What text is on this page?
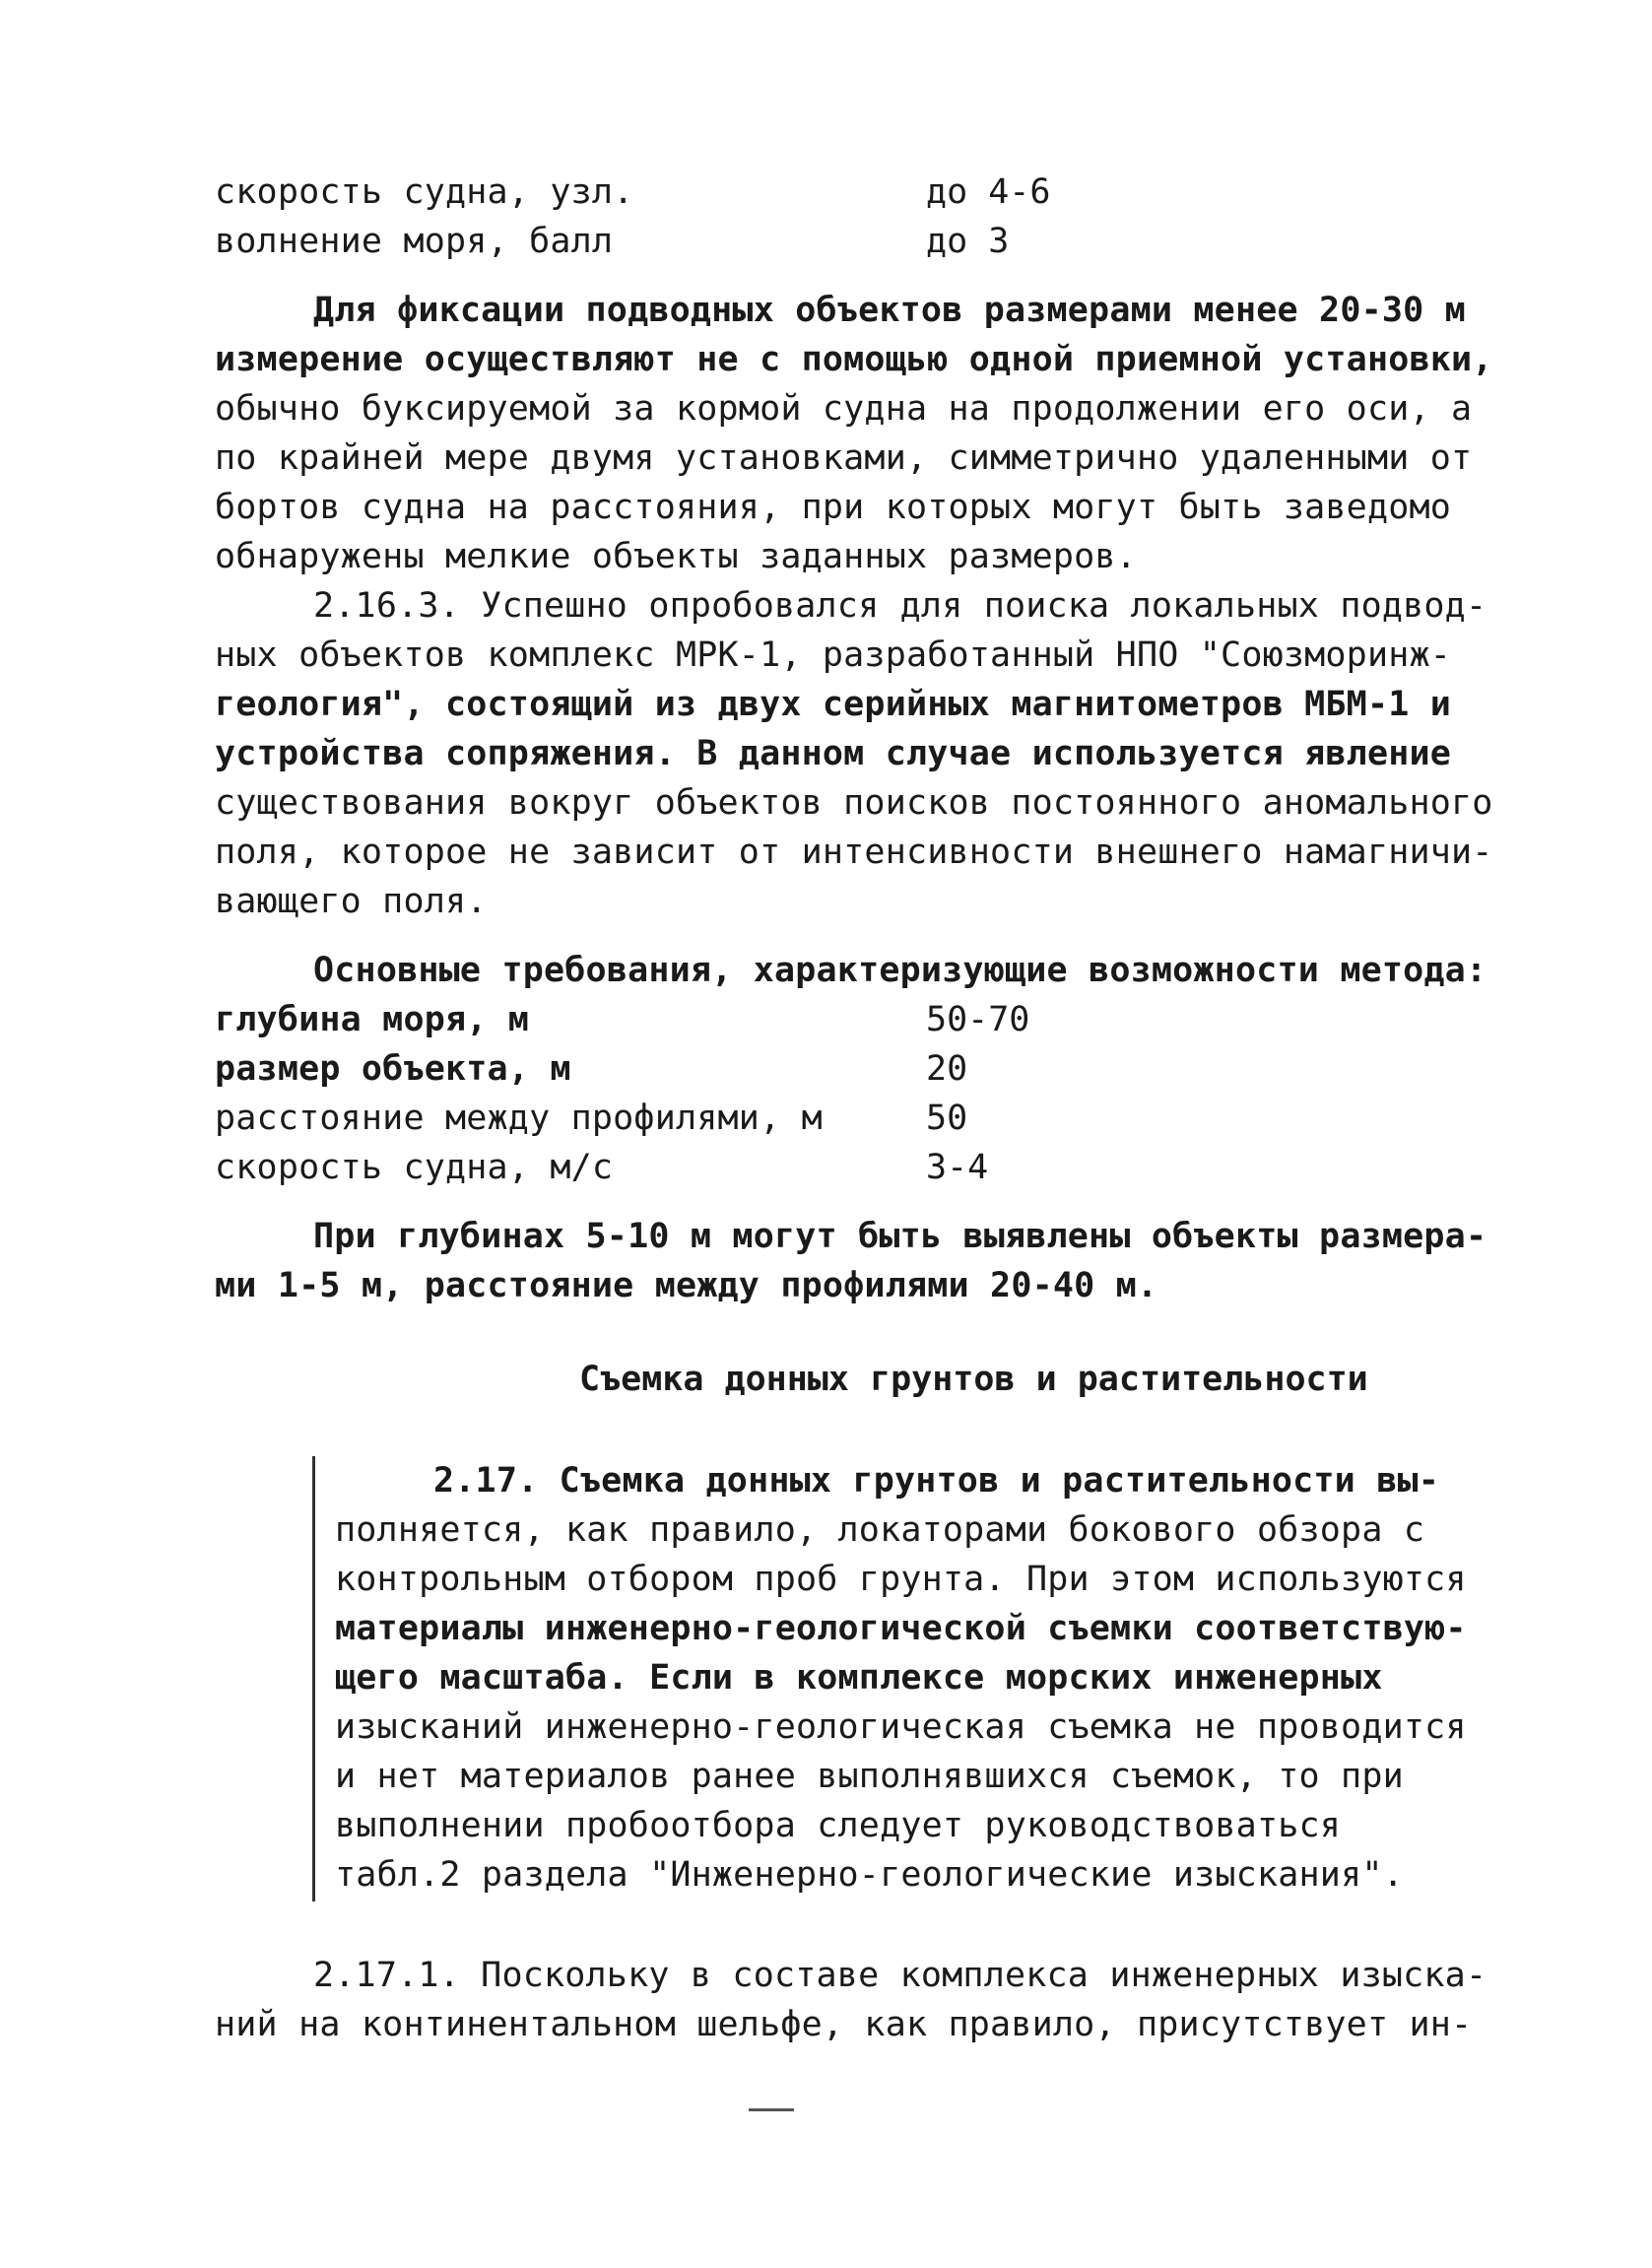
скорость судна, узл.	до 4-6
волнение моря, балл	до 3
Для фиксации подводных объектов размерами менее 20-30 м
измерение осуществляют не с помощью одной приемной установки,
обычно буксируемой за кормой судна на продолжении его оси, а
по крайней мере двумя установками, симметрично удаленными от
бортов судна на расстояния, при которых могут быть заведомо
обнаружены мелкие объекты заданных размеров.
2.16.3. Успешно опробовался для поиска локальных подвод-
ных объектов комплекс МРК-1, разработанный НПО "Союзморинж-
геология", состоящий из двух серийных магнитометров МБМ-1 и
устройства сопряжения. В данном случае используется явление
существования вокруг объектов поисков постоянного аномального
поля, которое не зависит от интенсивности внешнего намагничи-
вающего поля.
Основные требования, характеризующие возможности метода:
глубина моря, м	50-70
размер объекта, м	20
расстояние между профилями, м	50
скорость судна, м/с	3-4
При глубинах 5-10 м могут быть выявлены объекты размера-
ми 1-5 м, расстояние между профилями 20-40 м.
Съемка донных грунтов и растительности
2.17. Съемка донных грунтов и растительности вы-
полняется, как правило, локаторами бокового обзора с
контрольным отбором проб грунта. При этом используются
материалы инженерно-геологической съемки соответствую-
щего масштаба. Если в комплексе морских инженерных
изысканий инженерно-геологическая съемка не проводится
и нет материалов ранее выполнявшихся съемок, то при
выполнении пробоотбора следует руководствоваться
табл.2 раздела "Инженерно-геологические изыскания".
2.17.1. Поскольку в составе комплекса инженерных изыска-
ний на континентальном шельфе, как правило, присутствует ин-
